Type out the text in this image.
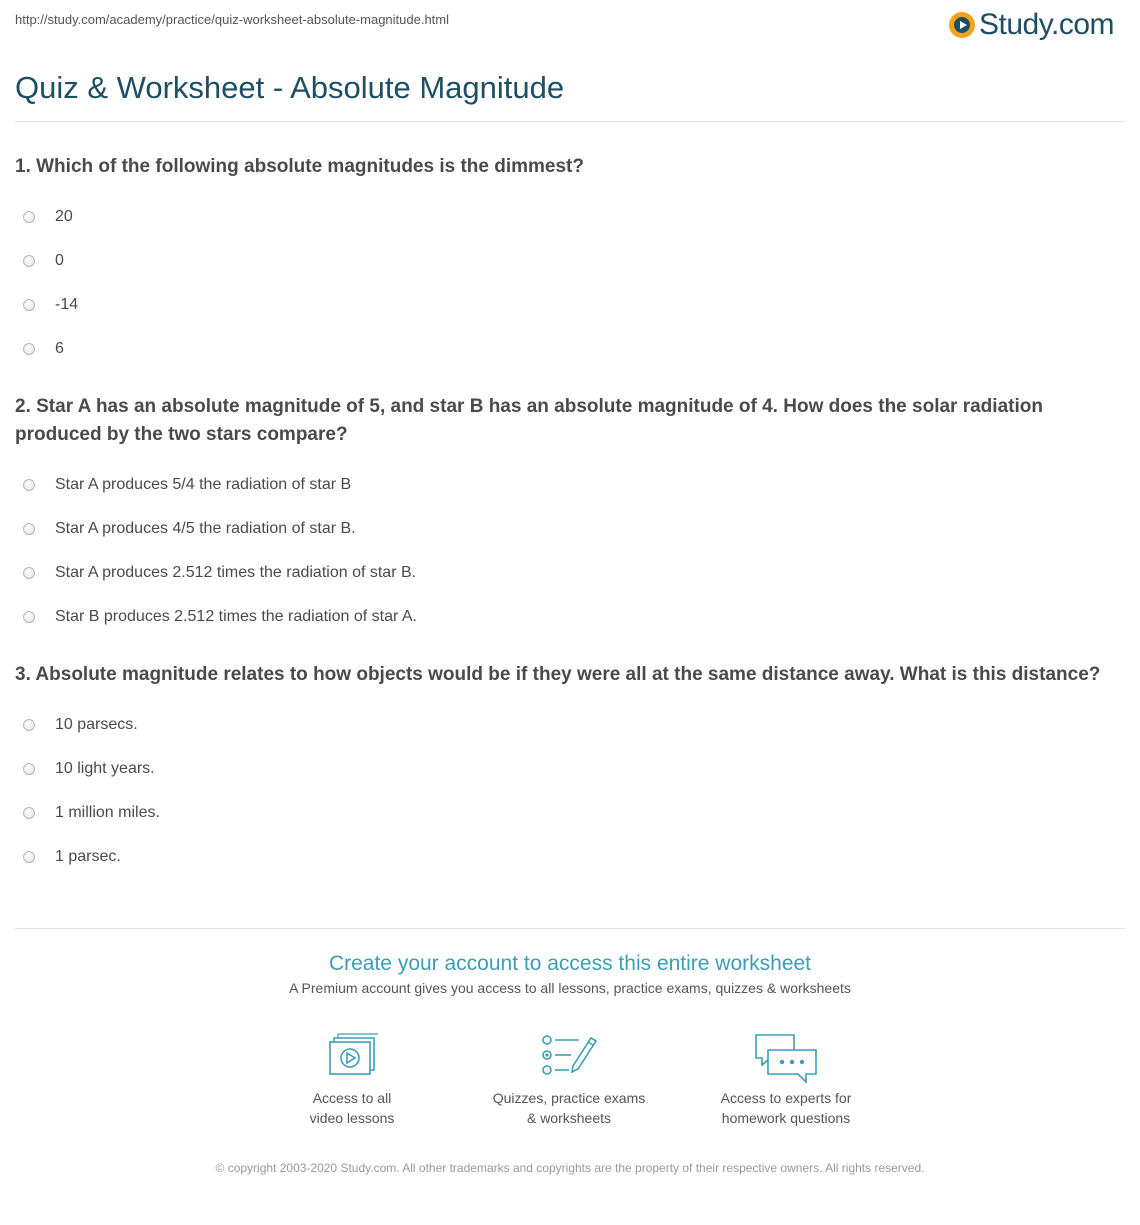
http://study.com/academy/practice/quiz-worksheet-absolute-magnitude.html	Study.com
Quiz & Worksheet - Absolute Magnitude
1. Which of the following absolute magnitudes is the dimmest?
20
0
-14
6
2. Star A has an absolute magnitude of 5, and star B has an absolute magnitude of 4. How does the solar radiation produced by the two stars compare?
Star A produces 5/4 the radiation of star B
Star A produces 4/5 the radiation of star B.
Star A produces 2.512 times the radiation of star B.
Star B produces 2.512 times the radiation of star A.
3. Absolute magnitude relates to how objects would be if they were all at the same distance away. What is this distance?
10 parsecs.
10 light years.
1 million miles.
1 parsec.
Create your account to access this entire worksheet
A Premium account gives you access to all lessons, practice exams, quizzes & worksheets
Access to all
video lessons
Quizzes, practice exams
& worksheets
Access to experts for
homework questions
© copyright 2003-2020 Study.com. All other trademarks and copyrights are the property of their respective owners. All rights reserved.
